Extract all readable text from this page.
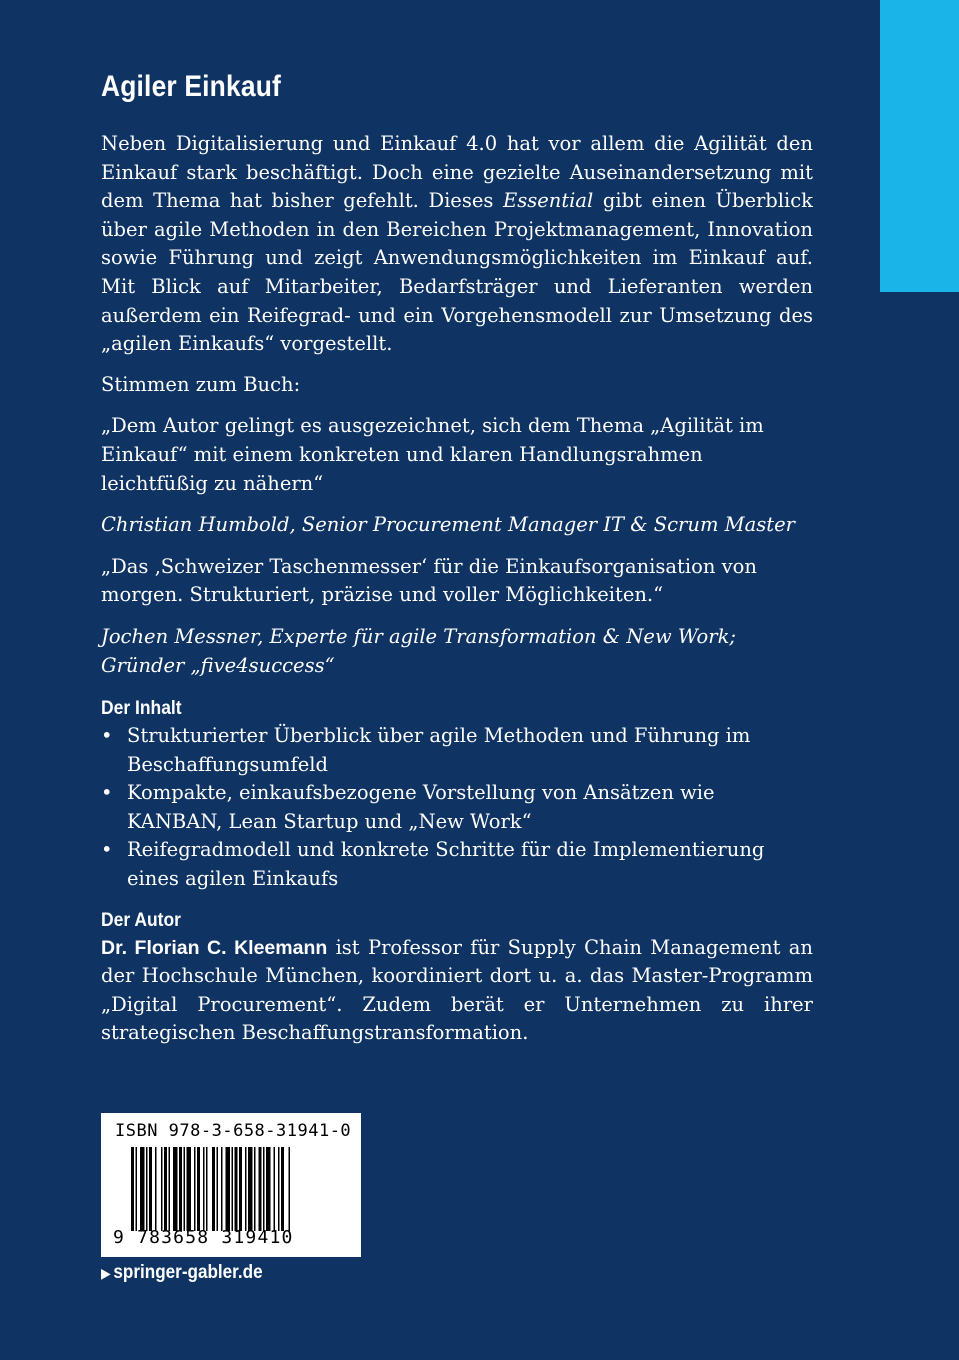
Agiler Einkauf

Neben Digitalisierung und Einkauf 4.0 hat vor allem die Agilität den Einkauf stark beschäftigt. Doch eine gezielte Auseinandersetzung mit dem Thema hat bisher gefehlt. Dieses Essential gibt einen Überblick über agile Methoden in den Bereichen Projektmanagement, Innovation sowie Führung und zeigt Anwendungsmöglichkeiten im Einkauf auf. Mit Blick auf Mitarbeiter, Bedarfsträger und Lieferanten werden außerdem ein Reifegrad- und ein Vorgehensmodell zur Umsetzung des „agilen Einkaufs“ vorgestellt.

Stimmen zum Buch:

„Dem Autor gelingt es ausgezeichnet, sich dem Thema „Agilität im Einkauf“ mit einem konkreten und klaren Handlungsrahmen leichtfüßig zu nähern“

Christian Humbold, Senior Procurement Manager IT & Scrum Master

„Das ‚Schweizer Taschenmesser‘ für die Einkaufsorganisation von morgen. Strukturiert, präzise und voller Möglichkeiten.“

Jochen Messner, Experte für agile Transformation & New Work; Gründer „five4success“

Der Inhalt
• Strukturierter Überblick über agile Methoden und Führung im Beschaffungsumfeld
• Kompakte, einkaufsbezogene Vorstellung von Ansätzen wie KANBAN, Lean Startup und „New Work“
• Reifegradmodell und konkrete Schritte für die Implementierung eines agilen Einkaufs
Der Autor

Dr. Florian C. Kleemann ist Professor für Supply Chain Management an der Hochschule München, koordiniert dort u. a. das Master-Programm „Digital Procurement“. Zudem berät er Unternehmen zu ihrer strategischen Beschaffungstransformation.

ISBN 978-3-658-31941-0
9 783658 319410
▶ springer-gabler.de
